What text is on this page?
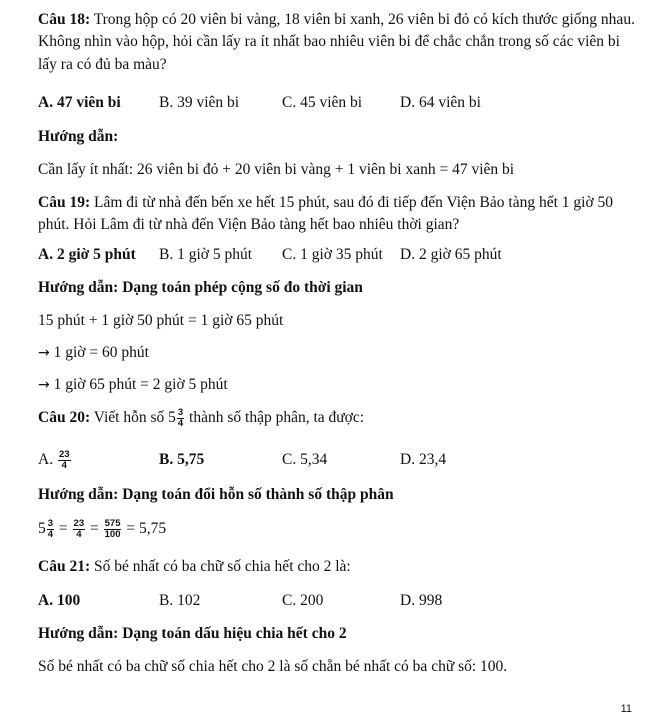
Câu 18: Trong hộp có 20 viên bi vàng, 18 viên bi xanh, 26 viên bi đỏ có kích thước giống nhau.
Không nhìn vào hộp, hỏi cần lấy ra ít nhất bao nhiêu viên bi để chắc chắn trong số các viên bi
lấy ra có đủ ba màu?
A. 47 viên bi B. 39 viên bi	C. 45 viên bi D. 64 viên bi
Hướng dẫn:
Cần lấy ít nhất: 26 viên bi đỏ + 20 viên bi vàng + 1 viên bi xanh = 47 viên bi
Câu 19: Lâm đi từ nhà đến bến xe hết 15 phút, sau đó đi tiếp đến Viện Bảo tàng hết 1 giờ 50
phút. Hỏi Lâm đi từ nhà đến Viện Bảo tàng hết bao nhiêu thời gian?
A. 2 giờ 5 phút B. 1 giờ 5 phút C. 1 giờ 35 phút D. 2 giờ 65 phút
Hướng dẫn: Dạng toán phép cộng số đo thời gian
15 phút + 1 giờ 50 phút = 1 giờ 65 phút
→ 1 giờ = 60 phút
→ 1 giờ 65 phút = 2 giờ 5 phút
Câu 20: Viết hỗn số $5 \frac{3}{4}$ thành số thập phân, ta được:
A. $\frac{23}{4}$	B. 5,75	C. 5,34	D. 23,4
Hướng dẫn: Dạng toán đổi hỗn số thành số thập phân
$5 \frac{3}{4} = \frac{23}{4} = \frac{575}{100} = 5,75$
Câu 21: Số bé nhất có ba chữ số chia hết cho 2 là:
A. 100	B. 102	C. 200	D. 998
Hướng dẫn: Dạng toán dấu hiệu chia hết cho 2
Số bé nhất có ba chữ số chia hết cho 2 là số chẵn bé nhất có ba chữ số: 100.
11
